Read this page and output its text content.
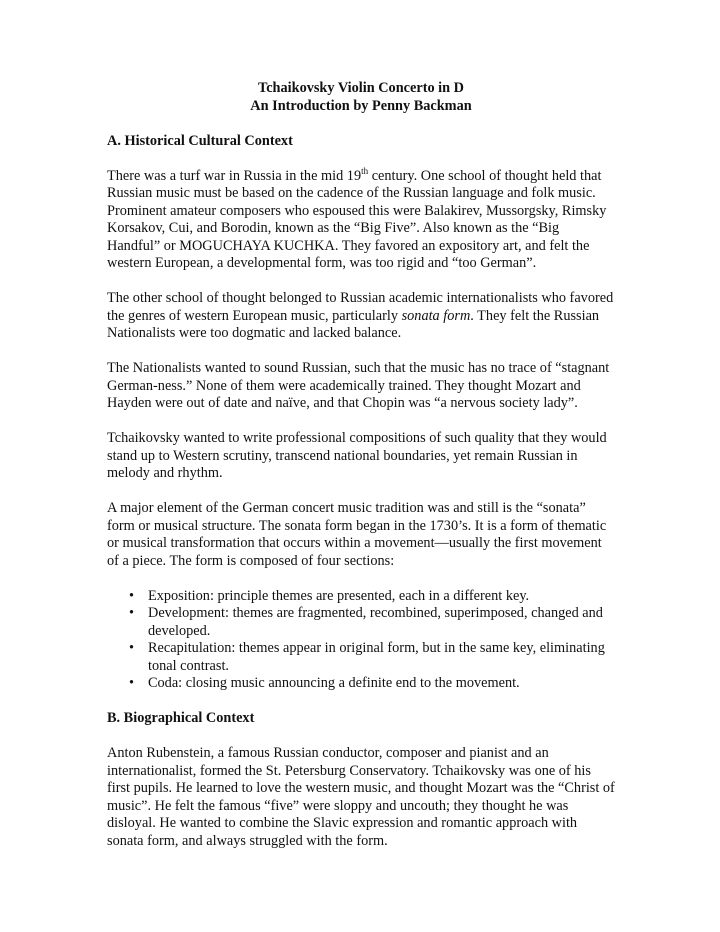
Tchaikovsky Violin Concerto in D

An Introduction by Penny Backman

A. Historical Cultural Context

There was a turf war in Russia in the mid 19th century. One school of thought held that Russian music must be based on the cadence of the Russian language and folk music. Prominent amateur composers who espoused this were Balakirev, Mussorgsky, Rimsky Korsakov, Cui, and Borodin, known as the “Big Five”. Also known as the “Big Handful” or MOGUCHAYA KUCHKA. They favored an expository art, and felt the western European, a developmental form, was too rigid and “too German”.

The other school of thought belonged to Russian academic internationalists who favored the genres of western European music, particularly sonata form. They felt the Russian Nationalists were too dogmatic and lacked balance.

The Nationalists wanted to sound Russian, such that the music has no trace of “stagnant German-ness.” None of them were academically trained. They thought Mozart and Hayden were out of date and naïve, and that Chopin was “a nervous society lady”.

Tchaikovsky wanted to write professional compositions of such quality that they would stand up to Western scrutiny, transcend national boundaries, yet remain Russian in melody and rhythm.

A major element of the German concert music tradition was and still is the “sonata” form or musical structure. The sonata form began in the 1730’s. It is a form of thematic or musical transformation that occurs within a movement—usually the first movement of a piece. The form is composed of four sections:

• Exposition: principle themes are presented, each in a different key.
• Development: themes are fragmented, recombined, superimposed, changed and developed.
• Recapitulation: themes appear in original form, but in the same key, eliminating tonal contrast.
• Coda: closing music announcing a definite end to the movement.
B. Biographical Context

Anton Rubenstein, a famous Russian conductor, composer and pianist and an internationalist, formed the St. Petersburg Conservatory. Tchaikovsky was one of his first pupils. He learned to love the western music, and thought Mozart was the “Christ of music”. He felt the famous “five” were sloppy and uncouth; they thought he was disloyal. He wanted to combine the Slavic expression and romantic approach with sonata form, and always struggled with the form.
